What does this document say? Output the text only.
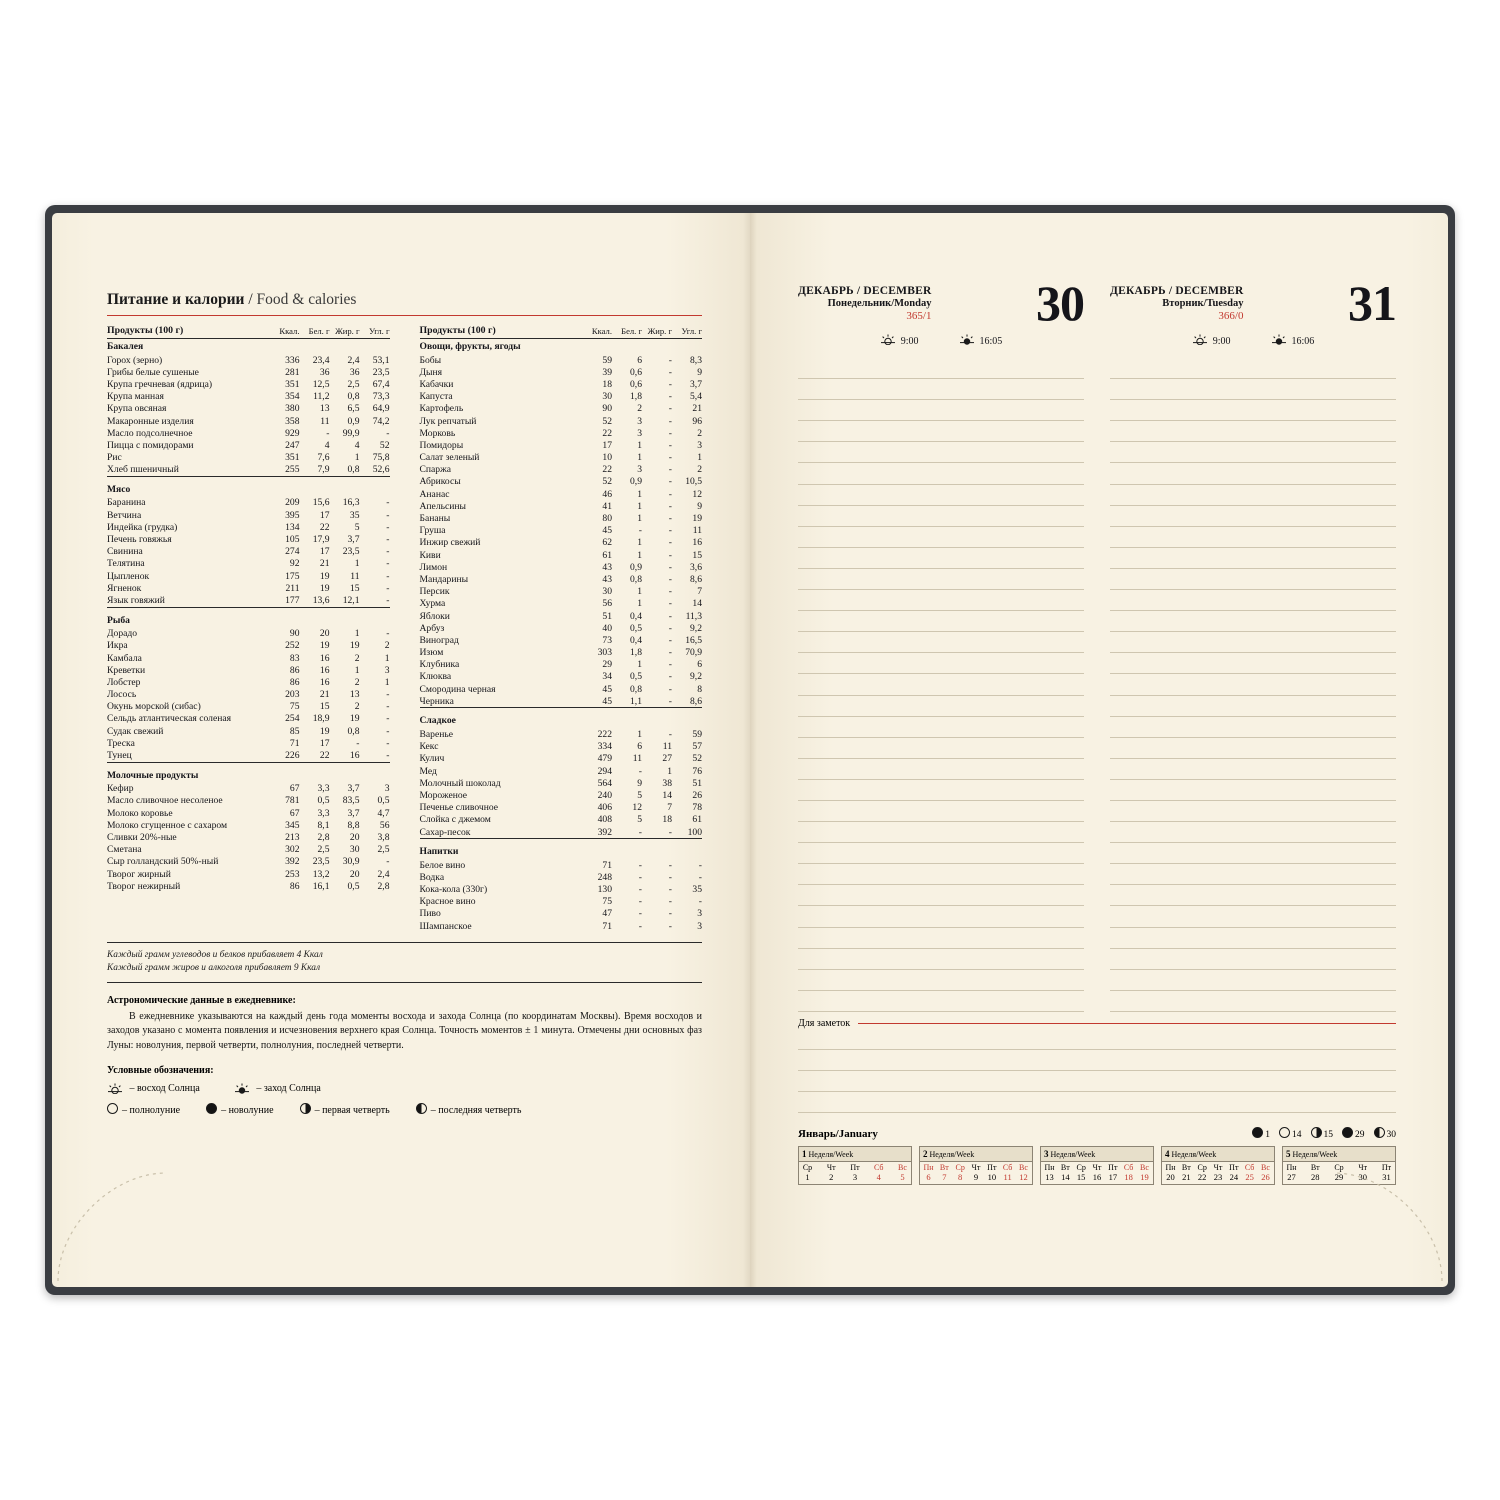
Питание и калории / Food & calories
Продукты (100 г)	Ккал.	Бел. г	Жир. г	Угл. г
Бакалея				
Горох (зерно)	336	23,4	2,4	53,1
Грибы белые сушеные	281	36	36	23,5
Крупа гречневая (ядрица)	351	12,5	2,5	67,4
Крупа манная	354	11,2	0,8	73,3
Крупа овсяная	380	13	6,5	64,9
Макаронные изделия	358	11	0,9	74,2
Масло подсолнечное	929	-	99,9	-
Пицца с помидорами	247	4	4	52
Рис	351	7,6	1	75,8
Хлеб пшеничный	255	7,9	0,8	52,6
Мясо				
Баранина	209	15,6	16,3	-
Ветчина	395	17	35	-
Индейка (грудка)	134	22	5	-
Печень говяжья	105	17,9	3,7	-
Свинина	274	17	23,5	-
Телятина	92	21	1	-
Цыпленок	175	19	11	-
Ягненок	211	19	15	-
Язык говяжий	177	13,6	12,1	-
Рыба				
Дорадо	90	20	1	-
Икра	252	19	19	2
Камбала	83	16	2	1
Креветки	86	16	1	3
Лобстер	86	16	2	1
Лосось	203	21	13	-
Окунь морской (сибас)	75	15	2	-
Сельдь атлантическая соленая	254	18,9	19	-
Судак свежий	85	19	0,8	-
Треска	71	17	-	-
Тунец	226	22	16	-
Молочные продукты				
Кефир	67	3,3	3,7	3
Масло сливочное несоленое	781	0,5	83,5	0,5
Молоко коровье	67	3,3	3,7	4,7
Молоко сгущенное с сахаром	345	8,1	8,8	56
Сливки 20%-ные	213	2,8	20	3,8
Сметана	302	2,5	30	2,5
Сыр голландский 50%-ный	392	23,5	30,9	-
Творог жирный	253	13,2	20	2,4
Творог нежирный	86	16,1	0,5	2,8
Продукты (100 г)	Ккал.	Бел. г	Жир. г	Угл. г
Овощи, фрукты, ягоды				
Бобы	59	6	-	8,3
Дыня	39	0,6	-	9
Кабачки	18	0,6	-	3,7
Капуста	30	1,8	-	5,4
Картофель	90	2	-	21
Лук репчатый	52	3	-	96
Морковь	22	3	-	2
Помидоры	17	1	-	3
Салат зеленый	10	1	-	1
Спаржа	22	3	-	2
Абрикосы	52	0,9	-	10,5
Ананас	46	1	-	12
Апельсины	41	1	-	9
Бананы	80	1	-	19
Груша	45	-	-	11
Инжир свежий	62	1	-	16
Киви	61	1	-	15
Лимон	43	0,9	-	3,6
Мандарины	43	0,8	-	8,6
Персик	30	1	-	7
Хурма	56	1	-	14
Яблоки	51	0,4	-	11,3
Арбуз	40	0,5	-	9,2
Виноград	73	0,4	-	16,5
Изюм	303	1,8	-	70,9
Клубника	29	1	-	6
Клюква	34	0,5	-	9,2
Смородина черная	45	0,8	-	8
Черника	45	1,1	-	8,6
Сладкое				
Варенье	222	1	-	59
Кекс	334	6	11	57
Кулич	479	11	27	52
Мед	294	-	1	76
Молочный шоколад	564	9	38	51
Мороженое	240	5	14	26
Печенье сливочное	406	12	7	78
Слойка с джемом	408	5	18	61
Сахар-песок	392	-	-	100
Напитки				
Белое вино	71	-	-	-
Водка	248	-	-	-
Кока-кола (330г)	130	-	-	35
Красное вино	75	-	-	-
Пиво	47	-	-	3
Шампанское	71	-	-	3
Каждый грамм углеводов и белков прибавляет 4 Ккал
Каждый грамм жиров и алкоголя прибавляет 9 Ккал
Астрономические данные в ежедневнике:
В ежедневнике указываются на каждый день года моменты восхода и захода Солнца (по координатам Москвы). Время восходов и заходов указано с момента появления и исчезновения верхнего края Солнца. Точность моментов ± 1 минута. Отмечены дни основных фаз Луны: новолуния, первой четверти, полнолуния, последней четверти.
Условные обозначения:
– восход Солнца	– заход Солнца
– полнолуние	– новолуние	– первая четверть	– последняя четверть
ДЕКАБРЬ / DECEMBER
Понедельник/Monday
365/1 30
9:00	16:05
ДЕКАБРЬ / DECEMBER
Вторник/Tuesday
366/0 31
9:00	16:06
Для заметок
Январь/January	1	14	15	29	30
1 Неделя/Week
Ср Чт Пт Сб Вс
1	2	3	4	5
2 Неделя/Week
Пн Вт Ср Чт Пт Сб Вс
6	7	8	9	10 11 12
3 Неделя/Week
Пн Вт Ср Чт Пт Сб Вс
13 14 15 16 17 18 19
4 Неделя/Week
Пн Вт Ср Чт Пт Сб Вс
20 21 22 23 24 25 26
5 Неделя/Week
Пн Вт Ср Чт Пт
27 28 29 30 31
